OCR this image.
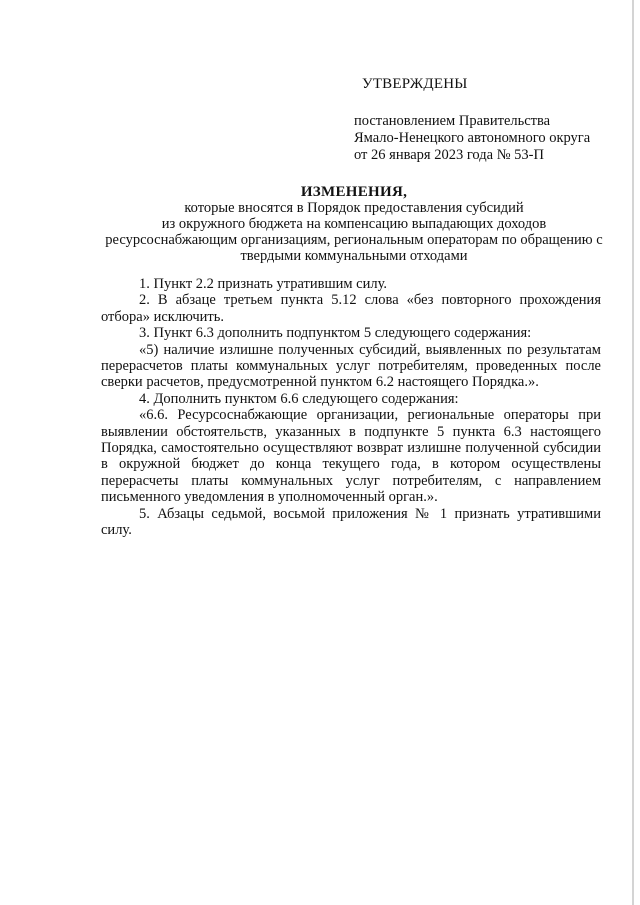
УТВЕРЖДЕНЫ
постановлением Правительства
Ямало-Ненецкого автономного округа
от 26 января 2023 года № 53-П
ИЗМЕНЕНИЯ,
которые вносятся в Порядок предоставления субсидий
из окружного бюджета на компенсацию выпадающих доходов
ресурсоснабжающим организациям, региональным операторам по обращению с
твердыми коммунальными отходами

1. Пункт 2.2 признать утратившим силу.

2. В абзаце третьем пункта 5.12 слова «без повторного прохождения отбора» исключить.

3. Пункт 6.3 дополнить подпунктом 5 следующего содержания:

«5) наличие излишне полученных субсидий, выявленных по результатам перерасчетов платы коммунальных услуг потребителям, проведенных после сверки расчетов, предусмотренной пунктом 6.2 настоящего Порядка.».

4. Дополнить пунктом 6.6 следующего содержания:

«6.6. Ресурсоснабжающие организации, региональные операторы при выявлении обстоятельств, указанных в подпункте 5 пункта 6.3 настоящего Порядка, самостоятельно осуществляют возврат излишне полученной субсидии в окружной бюджет до конца текущего года, в котором осуществлены перерасчеты платы коммунальных услуг потребителям, с направлением письменного уведомления в уполномоченный орган.».

5. Абзацы седьмой, восьмой приложения № 1 признать утратившими силу.
